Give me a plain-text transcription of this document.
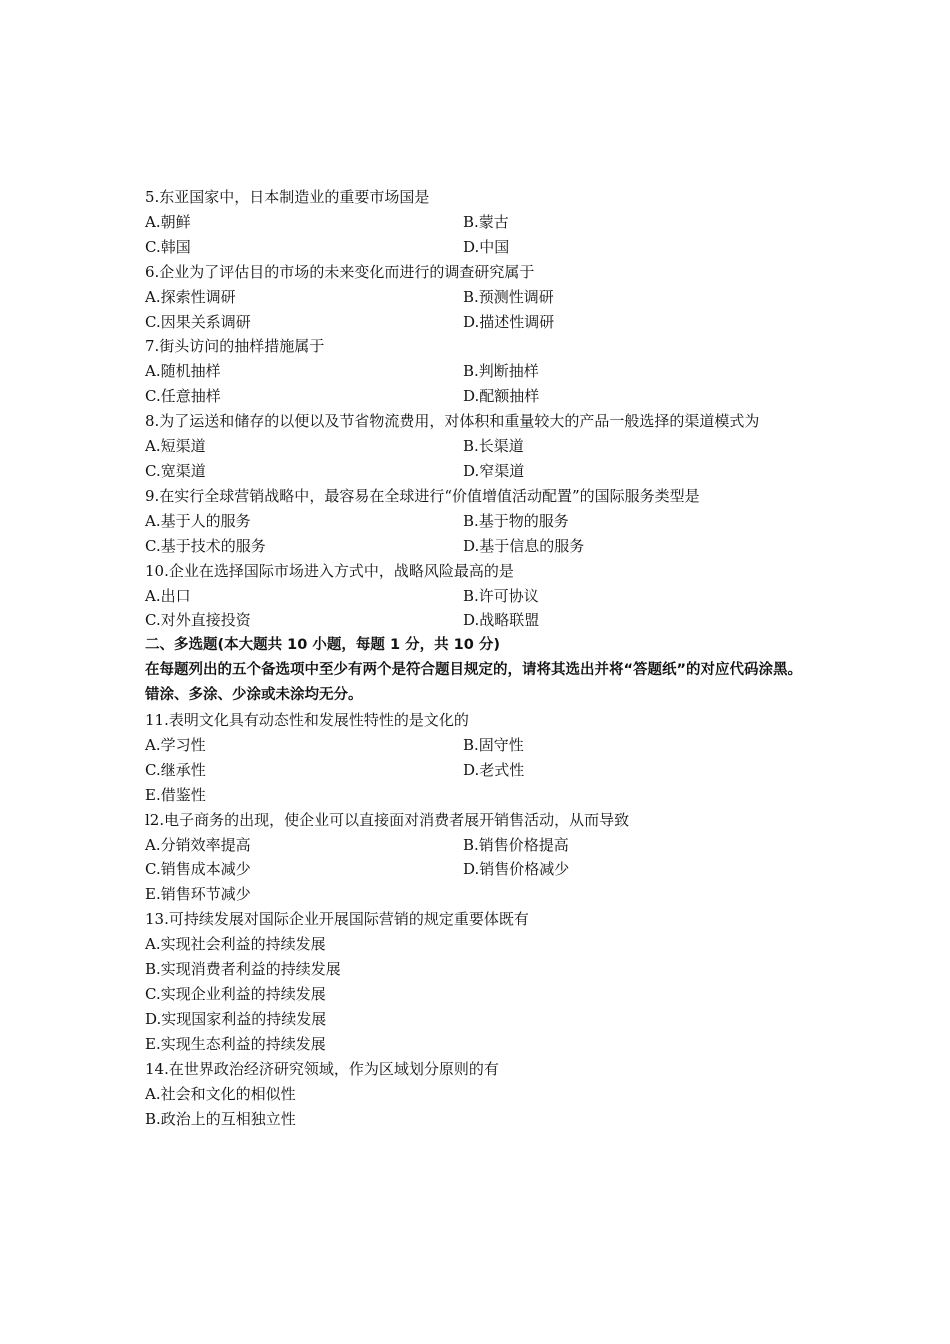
5.东亚国家中，日本制造业的重要市场国是

A.朝鲜	B.蒙古
C.韩国	D.中国

6.企业为了评估目的市场的未来变化而进行的调查研究属于

A.探索性调研	B.预测性调研
C.因果关系调研	D.描述性调研

7.街头访问的抽样措施属于

A.随机抽样	B.判断抽样
C.任意抽样	D.配额抽样

8.为了运送和储存的以便以及节省物流费用，对体积和重量较大的产品一般选择的渠道模式为

A.短渠道	B.长渠道
C.宽渠道	D.窄渠道

9.在实行全球营销战略中，最容易在全球进行“价值增值活动配置”的国际服务类型是

A.基于人的服务	B.基于物的服务
C.基于技术的服务	D.基于信息的服务

10.企业在选择国际市场进入方式中，战略风险最高的是

A.出口	B.许可协议
C.对外直接投资	D.战略联盟

二、多选题(本大题共 10 小题，每题 1 分，共 10 分)

在每题列出的五个备选项中至少有两个是符合题目规定的，请将其选出并将“答题纸”的对应代码涂黑。错涂、多涂、少涂或未涂均无分。

11.表明文化具有动态性和发展性特性的是文化的

A.学习性	B.固守性
C.继承性	D.老式性

E.借鉴性

l2.电子商务的出现，使企业可以直接面对消费者展开销售活动，从而导致

A.分销效率提高	B.销售价格提高
C.销售成本减少	D.销售价格减少

E.销售环节减少

13.可持续发展对国际企业开展国际营销的规定重要体既有

A.实现社会利益的持续发展

B.实现消费者利益的持续发展

C.实现企业利益的持续发展

D.实现国家利益的持续发展

E.实现生态利益的持续发展

14.在世界政治经济研究领域，作为区域划分原则的有

A.社会和文化的相似性

B.政治上的互相独立性
